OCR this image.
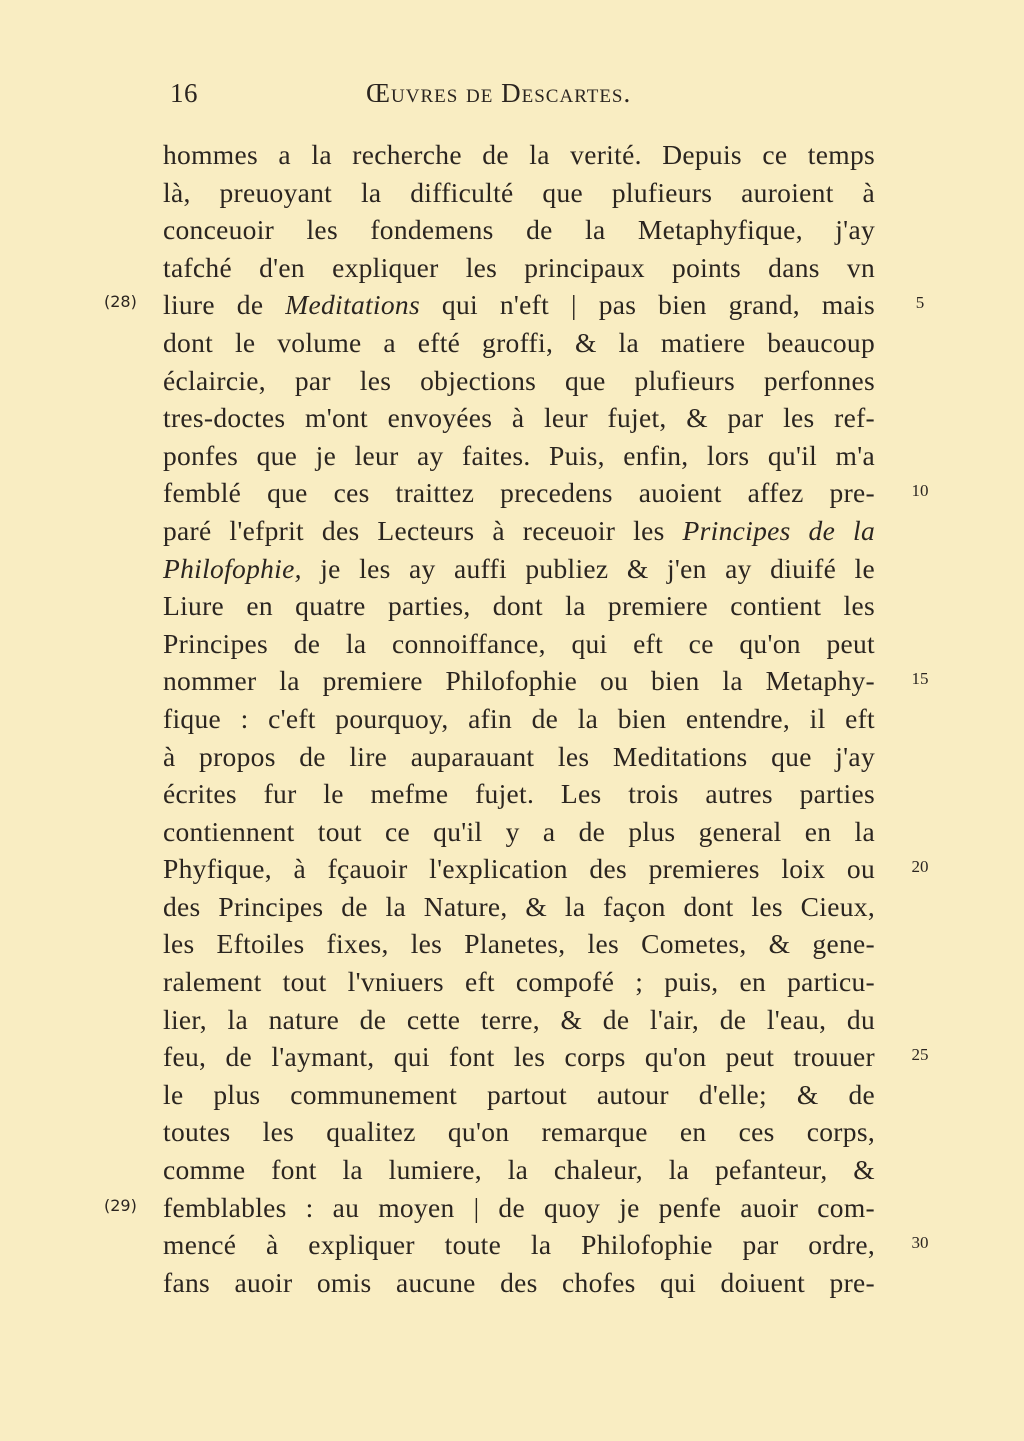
16	Œuvres de Descartes.
hommes a la recherche de la verité. Depuis ce temps
là, preuoyant la difficulté que plufieurs auroient à
conceuoir les fondemens de la Metaphyfique, j'ay
tafché d'en expliquer les principaux points dans vn
liure de Meditations qui n'eft | pas bien grand, mais
dont le volume a efté groffi, & la matiere beaucoup
éclaircie, par les objections que plufieurs perfonnes
tres-doctes m'ont envoyées à leur fujet, & par les ref-
ponfes que je leur ay faites. Puis, enfin, lors qu'il m'a
femblé que ces traittez precedens auoient affez pre-
paré l'efprit des Lecteurs à receuoir les Principes de la
Philofophie, je les ay auffi publiez & j'en ay diuifé le
Liure en quatre parties, dont la premiere contient les
Principes de la connoiffance, qui eft ce qu'on peut
nommer la premiere Philofophie ou bien la Metaphy-
fique : c'eft pourquoy, afin de la bien entendre, il eft
à propos de lire auparauant les Meditations que j'ay
écrites fur le mefme fujet. Les trois autres parties
contiennent tout ce qu'il y a de plus general en la
Phyfique, à fçauoir l'explication des premieres loix ou
des Principes de la Nature, & la façon dont les Cieux,
les Eftoiles fixes, les Planetes, les Cometes, & gene-
ralement tout l'vniuers eft compofé ; puis, en particu-
lier, la nature de cette terre, & de l'air, de l'eau, du
feu, de l'aymant, qui font les corps qu'on peut trouuer
le plus communement partout autour d'elle; & de
toutes les qualitez qu'on remarque en ces corps,
comme font la lumiere, la chaleur, la pefanteur, &
femblables : au moyen | de quoy je penfe auoir com-
mencé à expliquer toute la Philofophie par ordre,
fans auoir omis aucune des chofes qui doiuent pre-
(28)
(29)
5
10
15
20
25
30
